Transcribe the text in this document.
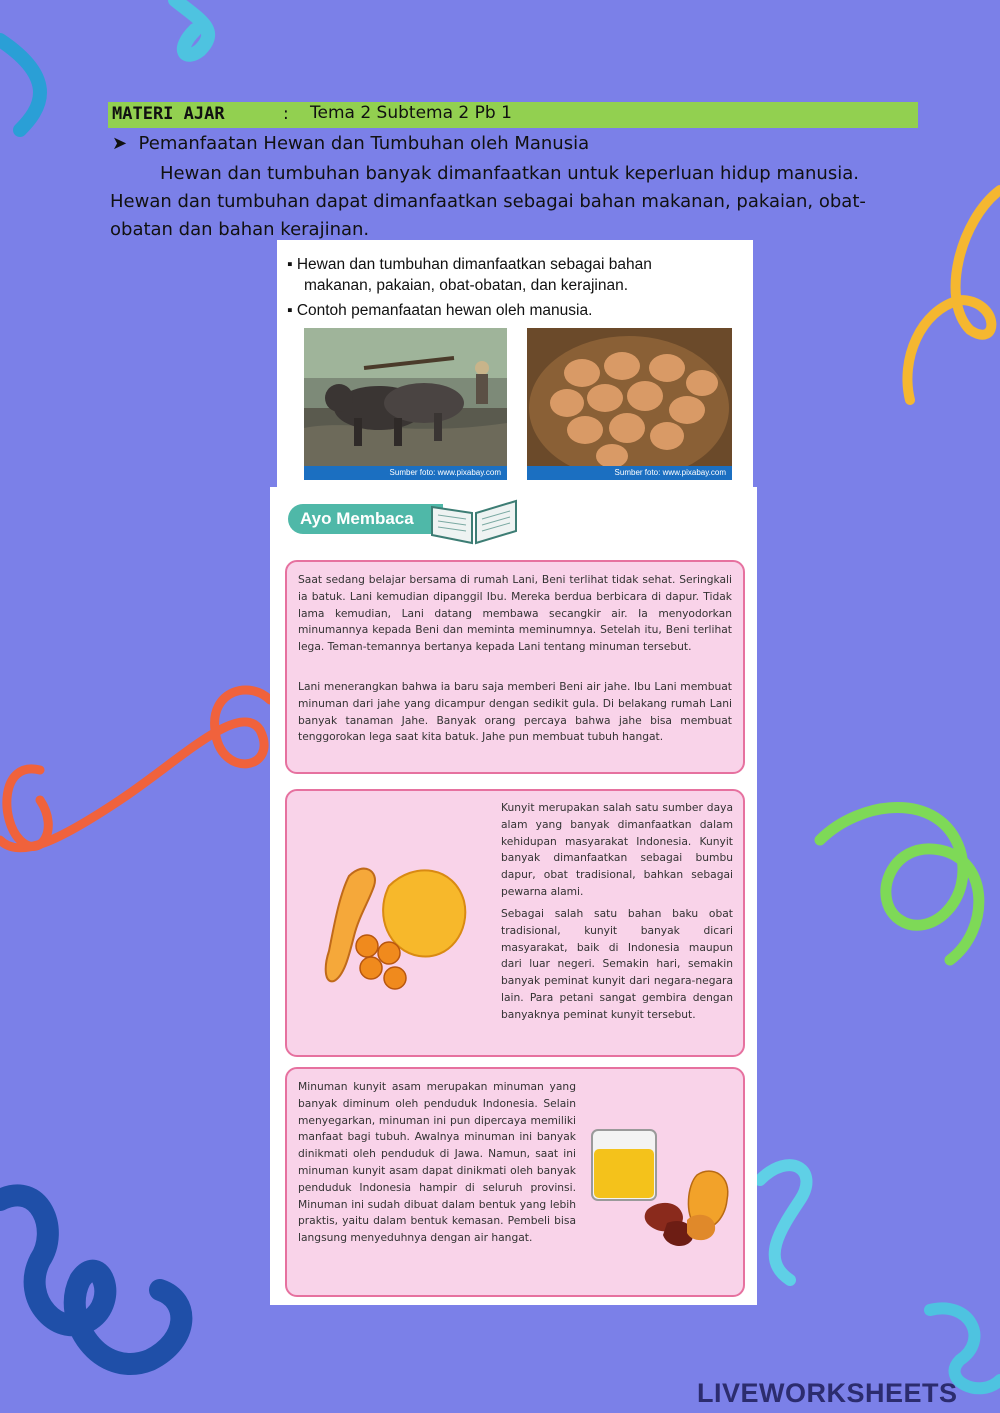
MATERI AJAR	: Tema 2 Subtema 2 Pb 1
➤ Pemanfaatan Hewan dan Tumbuhan oleh Manusia

Hewan dan tumbuhan banyak dimanfaatkan untuk keperluan hidup manusia. Hewan dan tumbuhan dapat dimanfaatkan sebagai bahan makanan, pakaian, obat-obatan dan bahan kerajinan.

▪ Hewan dan tumbuhan dimanfaatkan sebagai bahan
makanan, pakaian, obat-obatan, dan kerajinan.
▪ Contoh pemanfaatan hewan oleh manusia.
Sumber foto: www.pixabay.com	Sumber foto: www.pixabay.com
Ayo Membaca

Saat sedang belajar bersama di rumah Lani, Beni terlihat tidak sehat. Seringkali ia batuk. Lani kemudian dipanggil Ibu. Mereka berdua berbicara di dapur. Tidak lama kemudian, Lani datang membawa secangkir air. Ia menyodorkan minumannya kepada Beni dan meminta meminumnya. Setelah itu, Beni terlihat lega. Teman-temannya bertanya kepada Lani tentang minuman tersebut.

Lani menerangkan bahwa ia baru saja memberi Beni air jahe. Ibu Lani membuat minuman dari jahe yang dicampur dengan sedikit gula. Di belakang rumah Lani banyak tanaman Jahe. Banyak orang percaya bahwa jahe bisa membuat tenggorokan lega saat kita batuk. Jahe pun membuat tubuh hangat.

Kunyit merupakan salah satu sumber daya alam yang banyak dimanfaatkan dalam kehidupan masyarakat Indonesia. Kunyit banyak dimanfaatkan sebagai bumbu dapur, obat tradisional, bahkan sebagai pewarna alami.

Sebagai salah satu bahan baku obat tradisional, kunyit banyak dicari masyarakat, baik di Indonesia maupun dari luar negeri. Semakin hari, semakin banyak peminat kunyit dari negara-negara lain. Para petani sangat gembira dengan banyaknya peminat kunyit tersebut.

Minuman kunyit asam merupakan minuman yang banyak diminum oleh penduduk Indonesia. Selain menyegarkan, minuman ini pun dipercaya memiliki manfaat bagi tubuh. Awalnya minuman ini banyak dinikmati oleh penduduk di Jawa. Namun, saat ini minuman kunyit asam dapat dinikmati oleh banyak penduduk Indonesia hampir di seluruh provinsi. Minuman ini sudah dibuat dalam bentuk yang lebih praktis, yaitu dalam bentuk kemasan. Pembeli bisa langsung menyeduhnya dengan air hangat.

LIVEWORKSHEETS
